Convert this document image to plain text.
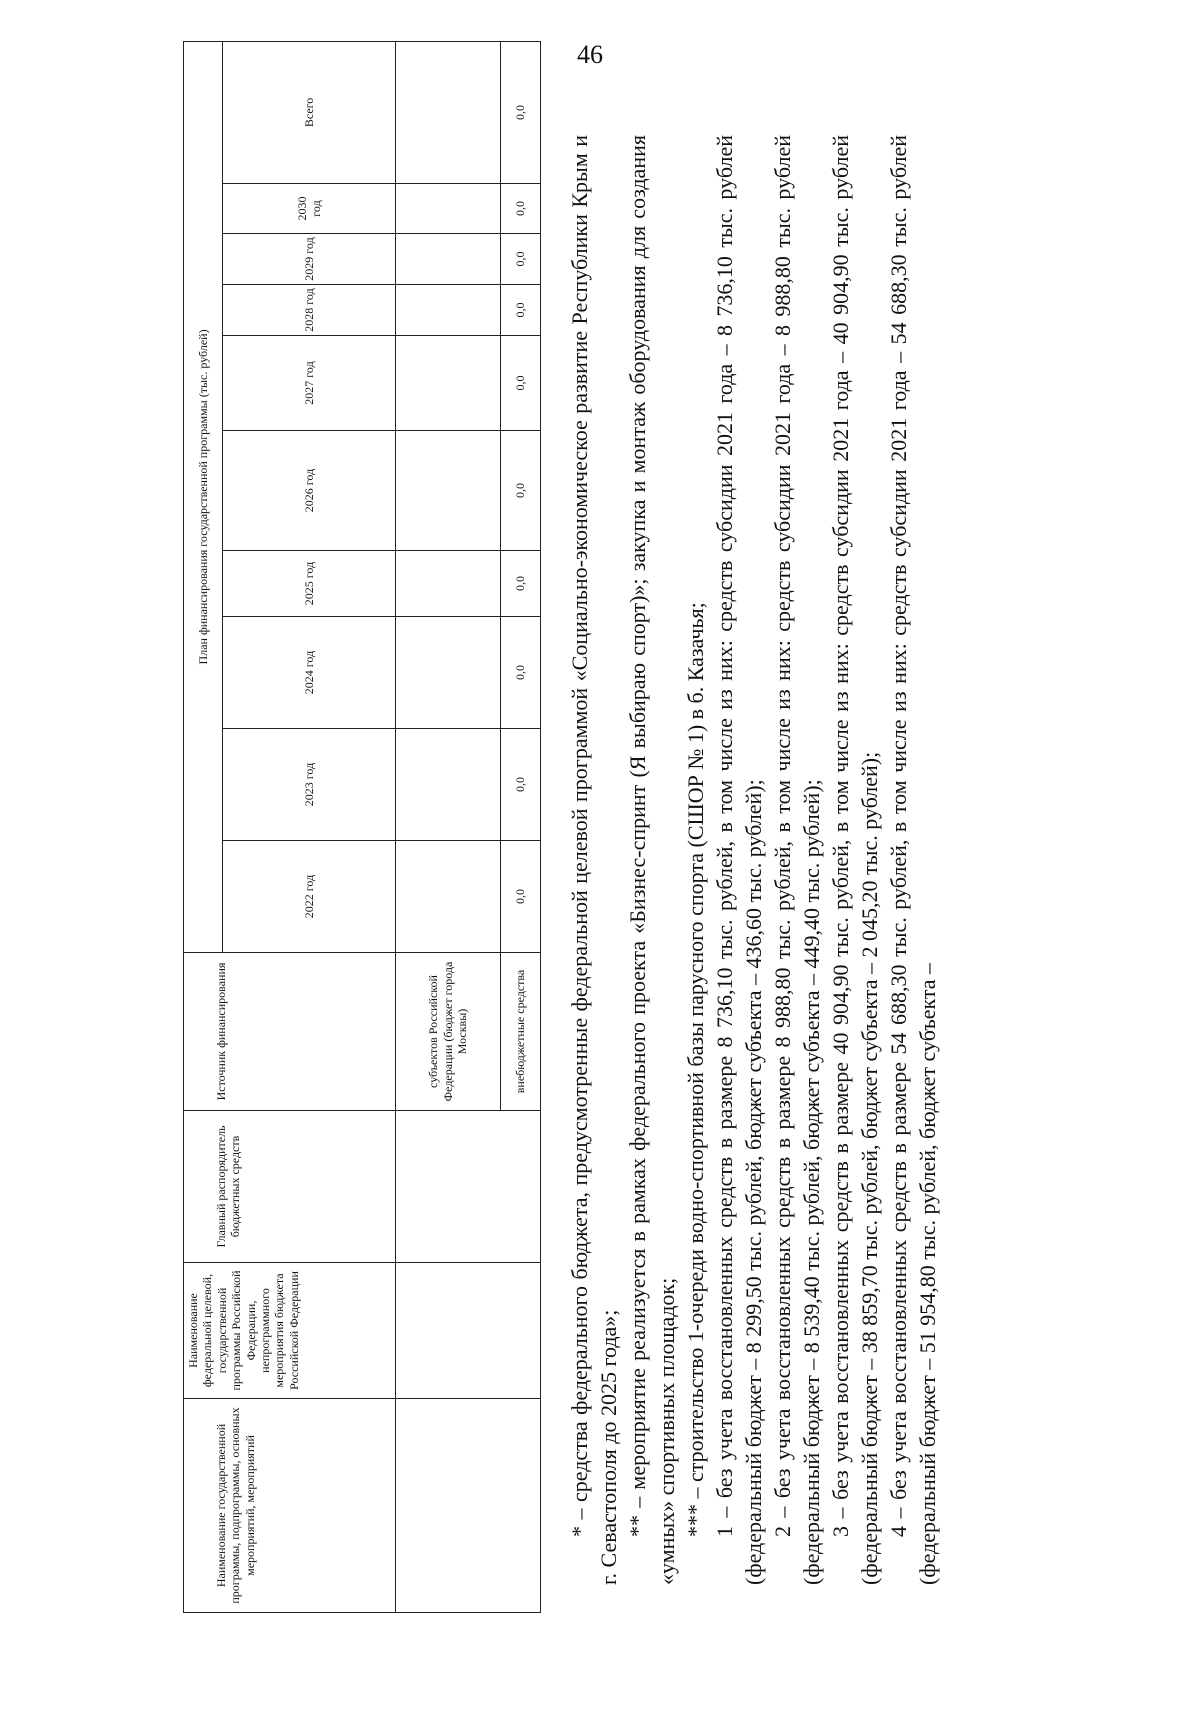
46
Наименование государственной программы, подпрограммы, основных мероприятий, мероприятий	Наименование федеральной целевой, государственной программы Российской Федерации, непрограммного мероприятия бюджета Российской Федерации	Главный распорядитель бюджетных средств	Источник финансирования	План финансирования государственной программы (тыс. рублей)									
				2022 год	2023 год	2024 год	2025 год	2026 год	2027 год	2028 год	2029 год	2030 год	Всего
			субъектов Российской Федерации (бюджет города Москвы)										
			внебюджетные средства	0,0	0,0	0,0	0,0	0,0	0,0	0,0	0,0	0,0	0,0

* – средства федерального бюджета, предусмотренные федеральной целевой программой «Социально-экономическое развитие Республики Крым и г. Севастополя до 2025 года»; ** – мероприятие реализуется в рамках федерального проекта «Бизнес-спринт (Я выбираю спорт)»; закупка и монтаж оборудования для создания «умных» спортивных площадок; *** – строительство 1-очереди водно-спортивной базы парусного спорта (СШОР № 1) в б. Казачья; 1 – без учета восстановленных средств в размере 8 736,10 тыс. рублей, в том числе из них: средств субсидии 2021 года – 8 736,10 тыс. рублей (федеральный бюджет – 8 299,50 тыс. рублей, бюджет субъекта – 436,60 тыс. рублей); 2 – без учета восстановленных средств в размере 8 988,80 тыс. рублей, в том числе из них: средств субсидии 2021 года – 8 988,80 тыс. рублей (федеральный бюджет – 8 539,40 тыс. рублей, бюджет субъекта – 449,40 тыс. рублей); 3 – без учета восстановленных средств в размере 40 904,90 тыс. рублей, в том числе из них: средств субсидии 2021 года – 40 904,90 тыс. рублей (федеральный бюджет – 38 859,70 тыс. рублей, бюджет субъекта – 2 045,20 тыс. рублей); 4 – без учета восстановленных средств в размере 54 688,30 тыс. рублей, в том числе из них: средств субсидии 2021 года – 54 688,30 тыс. рублей (федеральный бюджет – 51 954,80 тыс. рублей, бюджет субъекта –
